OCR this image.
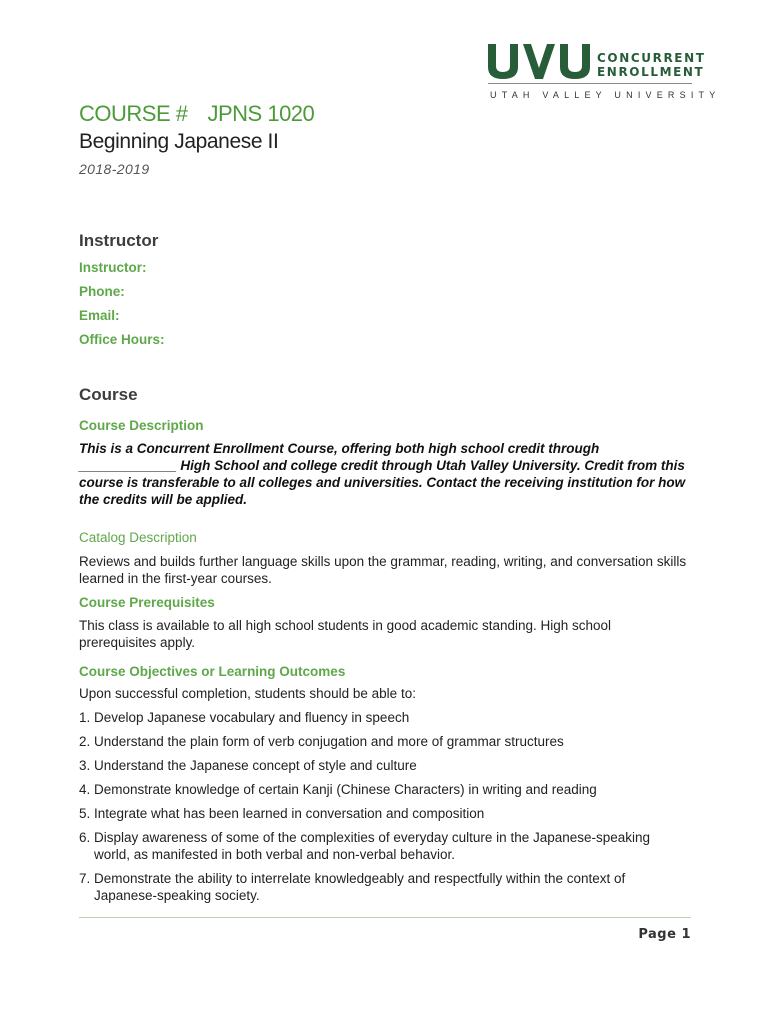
CONCURRENT
ENROLLMENT
UTAH VALLEY UNIVERSITY
COURSE # JPNS 1020
Beginning Japanese II
2018-2019
Instructor
Instructor:
Phone:
Email:
Office Hours:
Course
Course Description
This is a Concurrent Enrollment Course, offering both high school credit through _____________ High School and college credit through Utah Valley University. Credit from this course is transferable to all colleges and universities. Contact the receiving institution for how the credits will be applied.
Catalog Description
Reviews and builds further language skills upon the grammar, reading, writing, and conversation skills learned in the first-year courses.
Course Prerequisites
This class is available to all high school students in good academic standing. High school prerequisites apply.
Course Objectives or Learning Outcomes
Upon successful completion, students should be able to:
1. Develop Japanese vocabulary and fluency in speech
2. Understand the plain form of verb conjugation and more of grammar structures
3. Understand the Japanese concept of style and culture
4. Demonstrate knowledge of certain Kanji (Chinese Characters) in writing and reading
5. Integrate what has been learned in conversation and composition
6. Display awareness of some of the complexities of everyday culture in the Japanese-speaking world, as manifested in both verbal and non-verbal behavior.
7. Demonstrate the ability to interrelate knowledgeably and respectfully within the context of Japanese-speaking society.
Page 1
